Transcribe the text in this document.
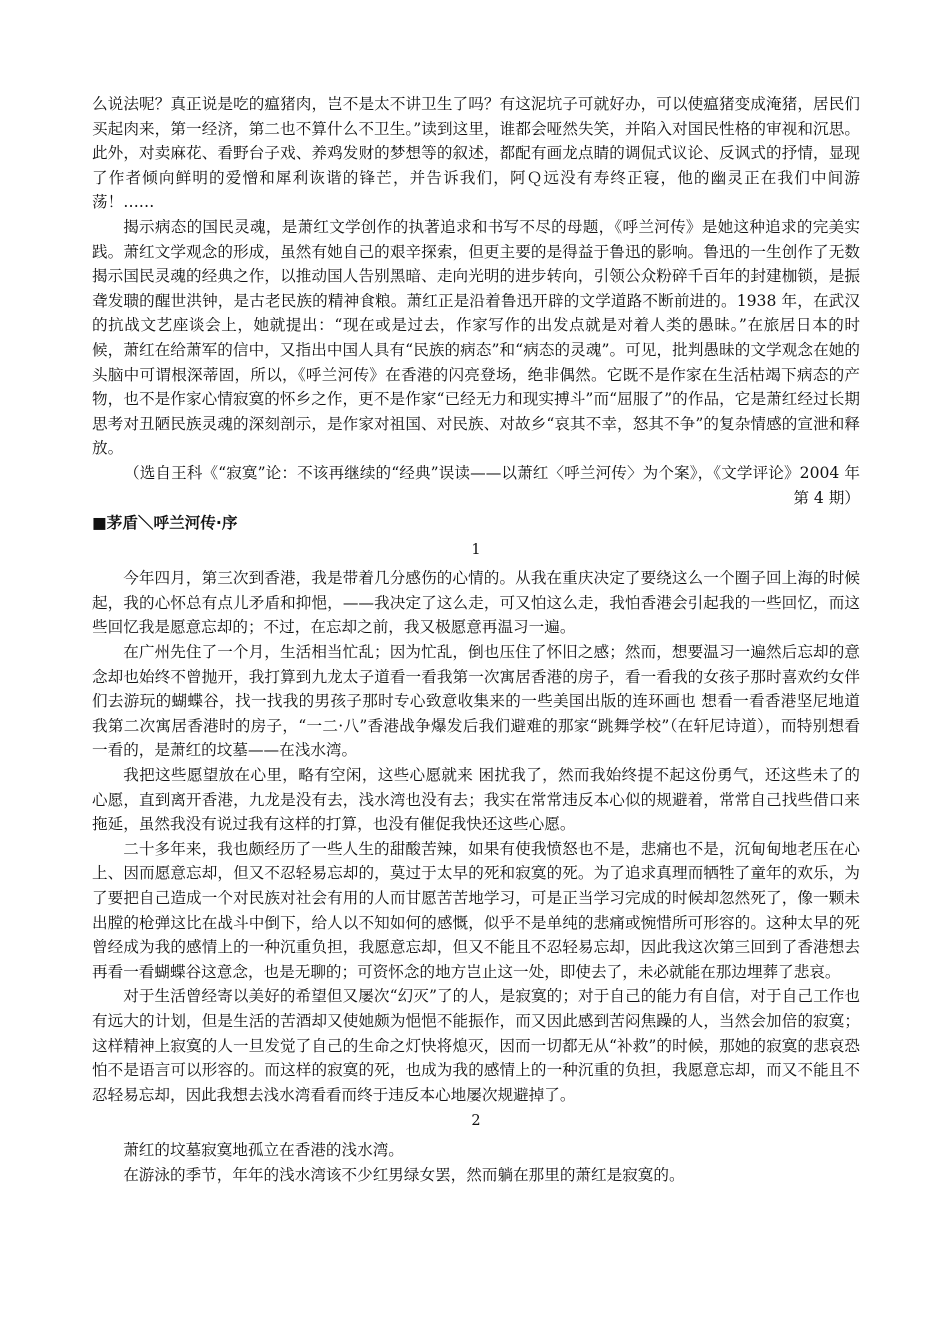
么说法呢？真正说是吃的瘟猪肉，岂不是太不讲卫生了吗？有这泥坑子可就好办，可以使瘟猪变成淹猪，居民们买起肉来，第一经济，第二也不算什么不卫生。”读到这里，谁都会哑然失笑，并陷入对国民性格的审视和沉思。此外，对卖麻花、看野台子戏、养鸡发财的梦想等的叙述，都配有画龙点睛的调侃式议论、反讽式的抒情，显现了作者倾向鲜明的爱憎和犀利诙谐的锋芒，并告诉我们，阿Ｑ远没有寿终正寝，他的幽灵正在我们中间游荡！……

揭示病态的国民灵魂，是萧红文学创作的执著追求和书写不尽的母题，《呼兰河传》是她这种追求的完美实践。萧红文学观念的形成，虽然有她自己的艰辛探索，但更主要的是得益于鲁迅的影响。鲁迅的一生创作了无数揭示国民灵魂的经典之作，以推动国人告别黑暗、走向光明的进步转向，引领公众粉碎千百年的封建枷锁，是振聋发聩的醒世洪钟，是古老民族的精神食粮。萧红正是沿着鲁迅开辟的文学道路不断前进的。1938 年，在武汉的抗战文艺座谈会上，她就提出：“现在或是过去，作家写作的出发点就是对着人类的愚昧。”在旅居日本的时候，萧红在给萧军的信中，又指出中国人具有“民族的病态”和“病态的灵魂”。可见，批判愚昧的文学观念在她的头脑中可谓根深蒂固，所以，《呼兰河传》在香港的闪亮登场，绝非偶然。它既不是作家在生活枯竭下病态的产物，也不是作家心情寂寞的怀乡之作，更不是作家“已经无力和现实搏斗”而“屈服了”的作品，它是萧红经过长期思考对丑陋民族灵魂的深刻剖示，是作家对祖国、对民族、对故乡“哀其不幸，怒其不争”的复杂情感的宣泄和释放。

（选自王科《“寂寞”论：不该再继续的“经典”误读——以萧红〈呼兰河传〉为个案》，《文学评论》2004 年第 4 期）

■茅盾＼呼兰河传·序

1

今年四月，第三次到香港，我是带着几分感伤的心情的。从我在重庆决定了要绕这么一个圈子回上海的时候起，我的心怀总有点儿矛盾和抑悒，——我决定了这么走，可又怕这么走，我怕香港会引起我的一些回忆，而这些回忆我是愿意忘却的；不过，在忘却之前，我又极愿意再温习一遍。

在广州先住了一个月，生活相当忙乱；因为忙乱，倒也压住了怀旧之感；然而，想要温习一遍然后忘却的意念却也始终不曾抛开，我打算到九龙太子道看一看我第一次寓居香港的房子，看一看我的女孩子那时喜欢约女伴们去游玩的蝴蝶谷，找一找我的男孩子那时专心致意收集来的一些美国出版的连环画也 想看一看香港坚尼地道我第二次寓居香港时的房子，“一二·八”香港战争爆发后我们避难的那家“跳舞学校”（在轩尼诗道），而特别想看一看的，是萧红的坟墓——在浅水湾。

我把这些愿望放在心里，略有空闲，这些心愿就来 困扰我了，然而我始终提不起这份勇气，还这些未了的心愿，直到离开香港，九龙是没有去，浅水湾也没有去；我实在常常违反本心似的规避着，常常自己找些借口来拖延，虽然我没有说过我有这样的打算，也没有催促我快还这些心愿。

二十多年来，我也颇经历了一些人生的甜酸苦辣，如果有使我愤怒也不是，悲痛也不是，沉甸甸地老压在心上、因而愿意忘却，但又不忍轻易忘却的，莫过于太早的死和寂寞的死。为了追求真理而牺牲了童年的欢乐，为了要把自己造成一个对民族对社会有用的人而甘愿苦苦地学习，可是正当学习完成的时候却忽然死了，像一颗未出膛的枪弹这比在战斗中倒下，给人以不知如何的感慨，似乎不是单纯的悲痛或惋惜所可形容的。这种太早的死曾经成为我的感情上的一种沉重负担，我愿意忘却，但又不能且不忍轻易忘却，因此我这次第三回到了香港想去再看一看蝴蝶谷这意念，也是无聊的；可资怀念的地方岂止这一处，即使去了，未必就能在那边埋葬了悲哀。

对于生活曾经寄以美好的希望但又屡次“幻灭”了的人，是寂寞的；对于自己的能力有自信，对于自己工作也有远大的计划，但是生活的苦酒却又使她颇为悒悒不能振作，而又因此感到苦闷焦躁的人，当然会加倍的寂寞；这样精神上寂寞的人一旦发觉了自己的生命之灯快将熄灭，因而一切都无从“补救”的时候，那她的寂寞的悲哀恐怕不是语言可以形容的。而这样的寂寞的死，也成为我的感情上的一种沉重的负担，我愿意忘却，而又不能且不忍轻易忘却，因此我想去浅水湾看看而终于违反本心地屡次规避掉了。

2

萧红的坟墓寂寞地孤立在香港的浅水湾。

在游泳的季节，年年的浅水湾该不少红男绿女罢，然而躺在那里的萧红是寂寞的。
